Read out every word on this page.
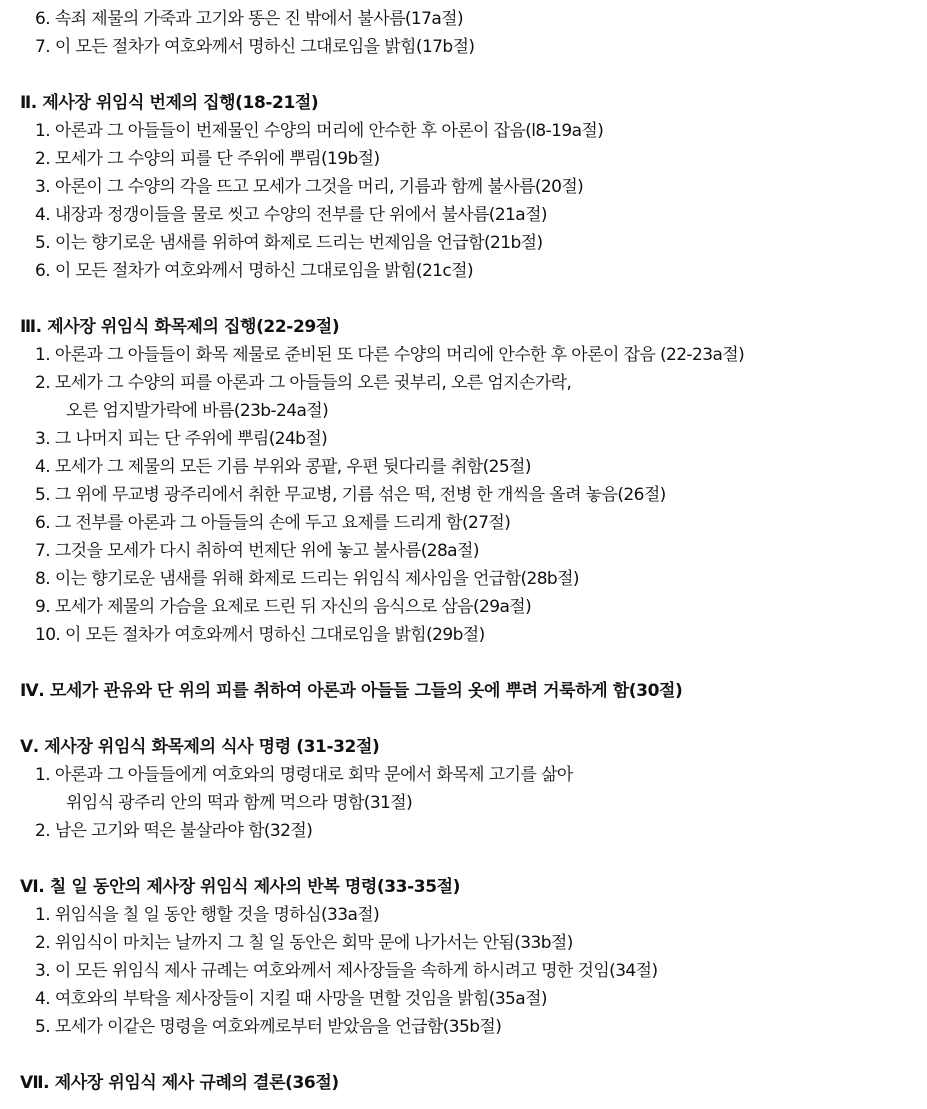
6. 속죄 제물의 가죽과 고기와 똥은 진 밖에서 불사름(17a절)
7. 이 모든 절차가 여호와께서 명하신 그대로임을 밝힘(17b절)
Ⅱ. 제사장 위임식 번제의 집행(18-21절)
1. 아론과 그 아들들이 번제물인 수양의 머리에 안수한 후 아론이 잡음(l8-19a절)
2. 모세가 그 수양의 피를 단 주위에 뿌림(19b절)
3. 아론이 그 수양의 각을 뜨고 모세가 그것을 머리, 기름과 함께 불사름(20절)
4. 내장과 정갱이들을 물로 씻고 수양의 전부를 단 위에서 불사름(21a절)
5. 이는 향기로운 냄새를 위하여 화제로 드리는 번제임을 언급함(21b절)
6. 이 모든 절차가 여호와께서 명하신 그대로임을 밝힘(21c절)
Ⅲ. 제사장 위임식 화목제의 집행(22-29절)
1. 아론과 그 아들들이 화목 제물로 준비된 또 다른 수양의 머리에 안수한 후 아론이 잡음 (22-23a절)
2. 모세가 그 수양의 피를 아론과 그 아들들의 오른 귓부리, 오른 엄지손가락,
오른 엄지발가락에 바름(23b-24a절)
3. 그 나머지 피는 단 주위에 뿌림(24b절)
4. 모세가 그 제물의 모든 기름 부위와 콩팥, 우편 뒷다리를 취함(25절)
5. 그 위에 무교병 광주리에서 취한 무교병, 기름 섞은 떡, 전병 한 개씩을 올려 놓음(26절)
6. 그 전부를 아론과 그 아들들의 손에 두고 요제를 드리게 함(27절)
7. 그것을 모세가 다시 취하여 번제단 위에 놓고 불사름(28a절)
8. 이는 향기로운 냄새를 위해 화제로 드리는 위임식 제사임을 언급함(28b절)
9. 모세가 제물의 가슴을 요제로 드린 뒤 자신의 음식으로 삼음(29a절)
10. 이 모든 절차가 여호와께서 명하신 그대로임을 밝힘(29b절)
Ⅳ. 모세가 관유와 단 위의 피를 취하여 아론과 아들들 그들의 옷에 뿌려 거룩하게 함(30절)
Ⅴ. 제사장 위임식 화목제의 식사 명령 (31-32절)
1. 아론과 그 아들들에게 여호와의 명령대로 회막 문에서 화목제 고기를 삶아
위임식 광주리 안의 떡과 함께 먹으라 명함(31절)
2. 남은 고기와 떡은 불살라야 함(32절)
Ⅵ. 칠 일 동안의 제사장 위임식 제사의 반복 명령(33-35절)
1. 위임식을 칠 일 동안 행할 것을 명하심(33a절)
2. 위임식이 마치는 날까지 그 칠 일 동안은 회막 문에 나가서는 안됨(33b절)
3. 이 모든 위임식 제사 규례는 여호와께서 제사장들을 속하게 하시려고 명한 것임(34절)
4. 여호와의 부탁을 제사장들이 지킬 때 사망을 면할 것임을 밝힘(35a절)
5. 모세가 이같은 명령을 여호와께로부터 받았음을 언급함(35b절)
Ⅶ. 제사장 위임식 제사 규례의 결론(36절)
